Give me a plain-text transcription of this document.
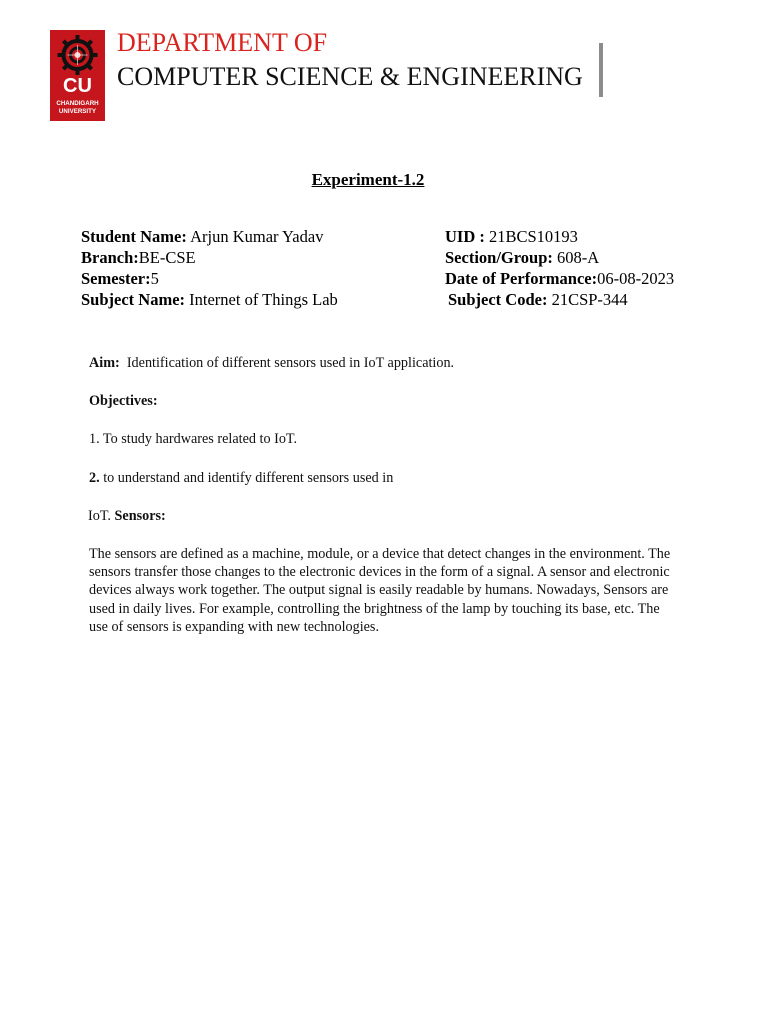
CU
CHANDIGARH
UNIVERSITY
DEPARTMENT OF
COMPUTER SCIENCE & ENGINEERING
Experiment-1.2
Student Name: Arjun Kumar Yadav
Branch:BE-CSE
Semester:5
Subject Name: Internet of Things Lab
UID : 21BCS10193
Section/Group: 608-A
Date of Performance:06-08-2023
Subject Code: 21CSP-344

Aim:  Identification of different sensors used in IoT application.

Objectives:

1. To study hardwares related to IoT.

2. to understand and identify different sensors used in

IoT. Sensors:

The sensors are defined as a machine, module, or a device that detect changes in the environment. The sensors transfer those changes to the electronic devices in the form of a signal. A sensor and electronic devices always work together. The output signal is easily readable by humans. Nowadays, Sensors are used in daily lives. For example, controlling the brightness of the lamp by touching its base, etc. The use of sensors is expanding with new technologies.
